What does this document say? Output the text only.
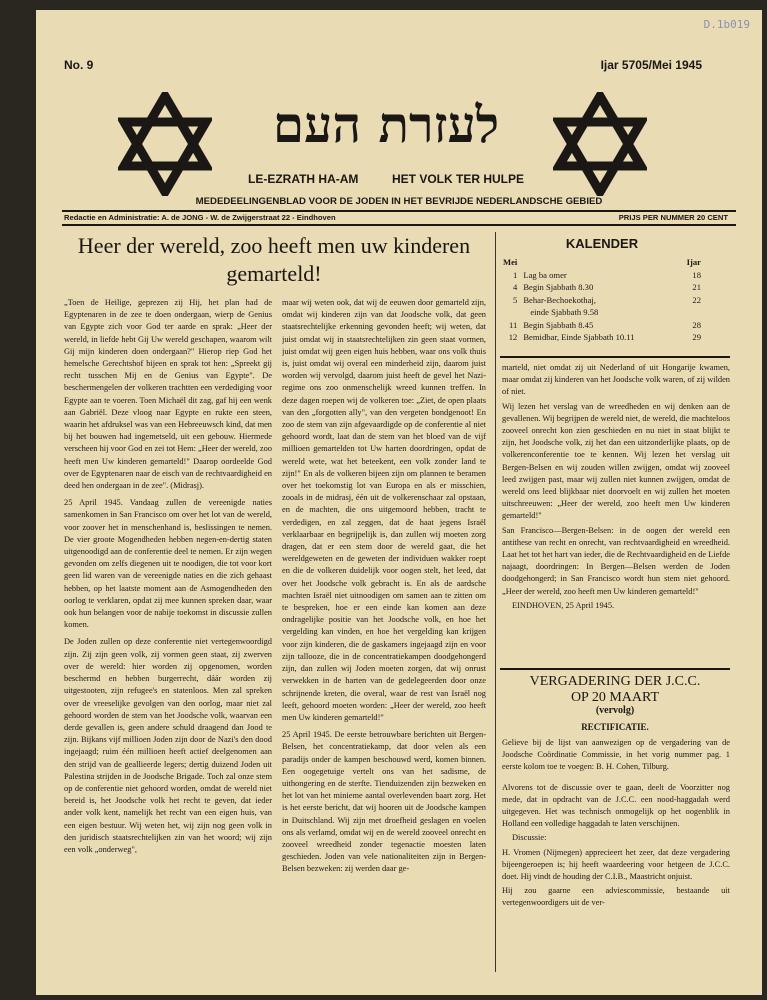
D.1b019
No. 9	Ijar 5705/Mei 1945
לעזרת העם
LE-EZRATH HA-AM	HET VOLK TER HULPE
MEDEDEELINGENBLAD VOOR DE JODEN IN HET BEVRIJDE NEDERLANDSCHE GEBIED
Redactie en Administratie: A. de JONG - W. de Zwijgerstraat 22 - Eindhoven	PRIJS PER NUMMER 20 CENT
Heer der wereld, zoo heeft men uw kinderen gemarteld!

„Toen de Heilige, geprezen zij Hij, het plan had de Egyptenaren in de zee te doen ondergaan, wierp de Genius van Egypte zich voor God ter aarde en sprak: „Heer der wereld, in liefde hebt Gij Uw wereld geschapen, waarom wilt Gij mijn kinderen doen ondergaan?" Hierop riep God het hemelsche Gerechtshof bijeen en sprak tot hen: „Spreekt gij recht tusschen Mij en de Genius van Egypte". De beschermengelen der volkeren trachtten een verdediging voor Egypte aan te voeren. Toen Michaël dit zag, gaf hij een wenk aan Gabriël. Deze vloog naar Egypte en rukte een steen, waarin het afdruksel was van een Hebreeuwsch kind, dat men bij het bouwen had ingemetseld, uit een gebouw. Hiermede verscheen hij voor God en zei tot Hem: „Heer der wereld, zoo heeft men Uw kinderen gemarteld!" Daarop oordeelde God over de Egyptenaren naar de eisch van de rechtvaardigheid en deed hen ondergaan in de zee". (Midrasj).

25 April 1945. Vandaag zullen de vereenigde naties samenkomen in San Francisco om over het lot van de wereld, voor zoover het in menschenhand is, beslissingen te nemen. De vier groote Mogendheden hebben negen-en-dertig staten uitgenoodigd aan de conferentie deel te nemen. Er zijn wegen gevonden om zelfs diegenen uit te noodigen, die tot voor kort geen lid waren van de vereenigde naties en die zich gehaast hebben, op het laatste moment aan de Asmogendheden den oorlog te verklaren, opdat zij mee kunnen spreken daar, waar ook hun belangen voor de nabije toekomst in discussie zullen komen.

De Joden zullen op deze conferentie niet vertegenwoordigd zijn. Zij zijn geen volk, zij vormen geen staat, zij zwerven over de wereld: hier worden zij opgenomen, worden beschermd en hebben burgerrecht, dáár worden zij uitgestooten, zijn refugee's en statenloos. Men zal spreken over de vreeselijke gevolgen van den oorlog, maar niet zal gehoord worden de stem van het Joodsche volk, waarvan een derde gevallen is, geen andere schuld draagend dan Jood te zijn. Bijkans vijf millioen Joden zijn door de Nazi's den dood ingejaagd; ruim één millioen heeft actief deelgenomen aan den strijd van de geallieerde legers; dertig duizend Joden uit Palestina strijden in de Joodsche Brigade. Toch zal onze stem op de conferentie niet gehoord worden, omdat de wereld niet bereid is, het Joodsche volk het recht te geven, dat ieder ander volk kent, namelijk het recht van een eigen huis, van een eigen bestuur. Wij weten het, wij zijn nog geen volk in den juridisch staatsrechtelijken zin van het woord; wij zijn een volk „onderweg",

maar wij weten ook, dat wij de eeuwen door gemarteld zijn, omdat wij kinderen zijn van dat Joodsche volk, dat geen staatsrechtelijke erkenning gevonden heeft; wij weten, dat juist omdat wij in staatsrechtelijken zin geen staat vormen, juist omdat wij geen eigen huis hebben, waar ons volk thuis is, juist omdat wij overal een minderheid zijn, daarom juist worden wij vervolgd, daarom juist heeft de gevel het Nazi-regime ons zoo onmenschelijk wreed kunnen treffen. In deze dagen roepen wij de volkeren toe: „Ziet, de open plaats van den „forgotten ally", van den vergeten bondgenoot! En zoo de stem van zijn afgevaardigde op de conferentie al niet gehoord wordt, laat dan de stem van het bloed van de vijf millioen gemartelden tot Uw harten doordringen, opdat de wereld wete, wat het beteekent, een volk zonder land te zijn!" En als de volkeren bijeen zijn om plannen te beramen over het toekomstig lot van Europa en als er misschien, zooals in de midrasj, één uit de volkerenschaar zal opstaan, en de machten, die ons uitgemoord hebben, tracht te verdedigen, en zal zeggen, dat de haat jegens Israël verklaarbaar en begrijpelijk is, dan zullen wij moeten zorg dragen, dat er een stem door de wereld gaat, die het wereldgeweten en de geweten der individuen wakker roept en die de volkeren duidelijk voor oogen stelt, het leed, dat over het Joodsche volk gebracht is. En als de aardsche machten Israël niet uitnoodigen om samen aan te zitten om te bespreken, hoe er een einde kan komen aan deze ondragelijke positie van het Joodsche volk, en hoe het vergelding kan vinden, en hoe het vergelding kan krijgen voor zijn kinderen, die de gaskamers ingejaagd zijn en voor zijn tallooze, die in de concentratiekampen doodgehongerd zijn, dan zullen wij Joden moeten zorgen, dat wij onrust verwekken in de harten van de gedelegeerden door onze schrijnende kreten, die overal, waar de rest van Israël nog leeft, gehoord moeten worden: „Heer der wereld, zoo heeft men Uw kinderen gemarteld!"

25 April 1945. De eerste betrouwbare berichten uit Bergen-Belsen, het concentratiekamp, dat door velen als een paradijs onder de kampen beschouwd werd, komen binnen. Een oogegetuige vertelt ons van het sadisme, de uithongering en de sterfte. Tienduizenden zijn bezweken en het lot van het minieme aantal overlevenden baart zorg. Het is het eerste bericht, dat wij hooren uit de Joodsche kampen in Duitschland. Wij zijn met droefheid geslagen en voelen ons als verlamd, omdat wij en de wereld zooveel onrecht en zooveel wreedheid zonder tegenactie moesten laten geschieden. Joden van vele nationaliteiten zijn in Bergen-Belsen bezweken: zij werden daar ge-

KALENDER
Mei		Ijar
1	Lag ba omer	18
4	Begin Sjabbath 8.30	21
5	Behar-Bechoekothaj,	22
	einde Sjabbath 9.58	
11	Begin Sjabbath 8.45	28
12	Bemidbar, Einde Sjabbath 10.11	29

marteld, niet omdat zij uit Nederland of uit Hongarije kwamen, maar omdat zij kinderen van het Joodsche volk waren, of zij wilden of niet.

Wij lezen het verslag van de wreedheden en wij denken aan de gevallenen. Wij begrijpen de wereld niet, de wereld, die machteloos zooveel onrecht kon zien geschieden en nu niet in staat blijkt te zijn, het Joodsche volk, zij het dan een uitzonderlijke plaats, op de volkerenconferentie toe te kennen. Wij lezen het verslag uit Bergen-Belsen en wij zouden willen zwijgen, omdat wij zooveel leed zwijgen past, maar wij zullen niet kunnen zwijgen, omdat de wereld ons leed blijkbaar niet doorvoelt en wij zullen het moeten uitschreeuwen: „Heer der wereld, zoo heeft men Uw kinderen gemarteld!"

San Francisco—Bergen-Belsen: in de oogen der wereld een antithese van recht en onrecht, van rechtvaardigheid en wreedheid. Laat het tot het hart van ieder, die de Rechtvaardigheid en de Liefde najaagt, doordringen: In Bergen—Belsen werden de Joden doodgehongerd; in San Francisco wordt hun stem niet gehoord. „Heer der wereld, zoo heeft men Uw kinderen gemarteld!"

EINDHOVEN, 25 April 1945.

VERGADERING DER J.C.C.
OP 20 MAART
(vervolg)
RECTIFICATIE.

Gelieve bij de lijst van aanwezigen op de vergadering van de Joodsche Coördinatie Commissie, in het vorig nummer pag. 1 eerste kolom toe te voegen: B. H. Cohen, Tilburg.

Alvorens tot de discussie over te gaan, deelt de Voorzitter nog mede, dat in opdracht van de J.C.C. een nood-haggadah werd uitgegeven. Het was technisch onmogelijk op het oogenblik in Holland een volledige haggadah te laten verschijnen.

Discussie:

H. Vromen (Nijmegen) apprecieert het zeer, dat deze vergadering bijeengeroepen is; hij heeft waardeering voor hetgeen de J.C.C. doet. Hij vindt de houding der C.I.B., Maastricht onjuist.

Hij zou gaarne een adviescommissie, bestaande uit vertegenwoordigers uit de ver-
